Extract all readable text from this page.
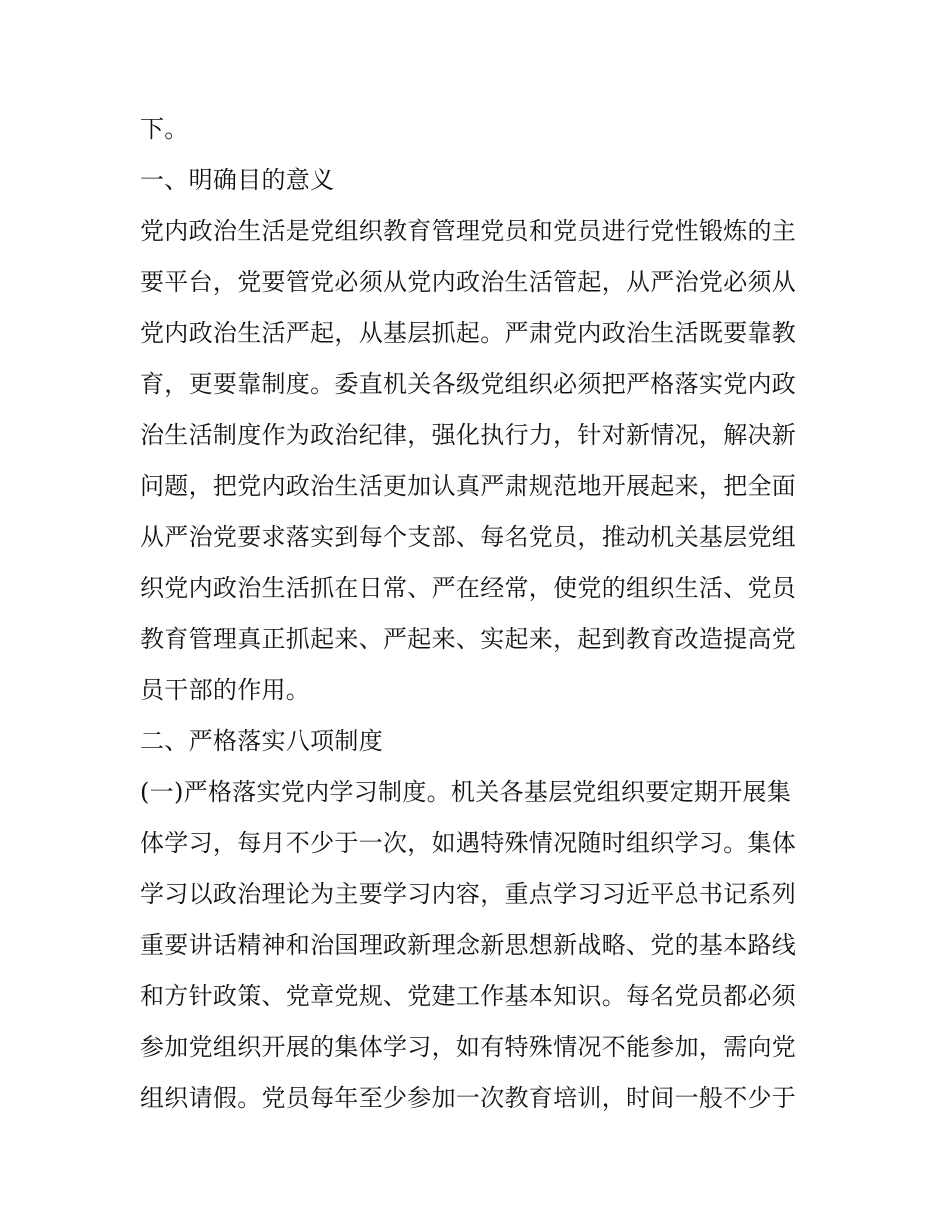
下。
一、明确目的意义
党内政治生活是党组织教育管理党员和党员进行党性锻炼的主
要平台，党要管党必须从党内政治生活管起，从严治党必须从
党内政治生活严起，从基层抓起。严肃党内政治生活既要靠教
育，更要靠制度。委直机关各级党组织必须把严格落实党内政
治生活制度作为政治纪律，强化执行力，针对新情况，解决新
问题，把党内政治生活更加认真严肃规范地开展起来，把全面
从严治党要求落实到每个支部、每名党员，推动机关基层党组
织党内政治生活抓在日常、严在经常，使党的组织生活、党员
教育管理真正抓起来、严起来、实起来，起到教育改造提高党
员干部的作用。
二、严格落实八项制度
(一)严格落实党内学习制度。机关各基层党组织要定期开展集
体学习，每月不少于一次，如遇特殊情况随时组织学习。集体
学习以政治理论为主要学习内容，重点学习习近平总书记系列
重要讲话精神和治国理政新理念新思想新战略、党的基本路线
和方针政策、党章党规、党建工作基本知识。每名党员都必须
参加党组织开展的集体学习，如有特殊情况不能参加，需向党
组织请假。党员每年至少参加一次教育培训，时间一般不少于
